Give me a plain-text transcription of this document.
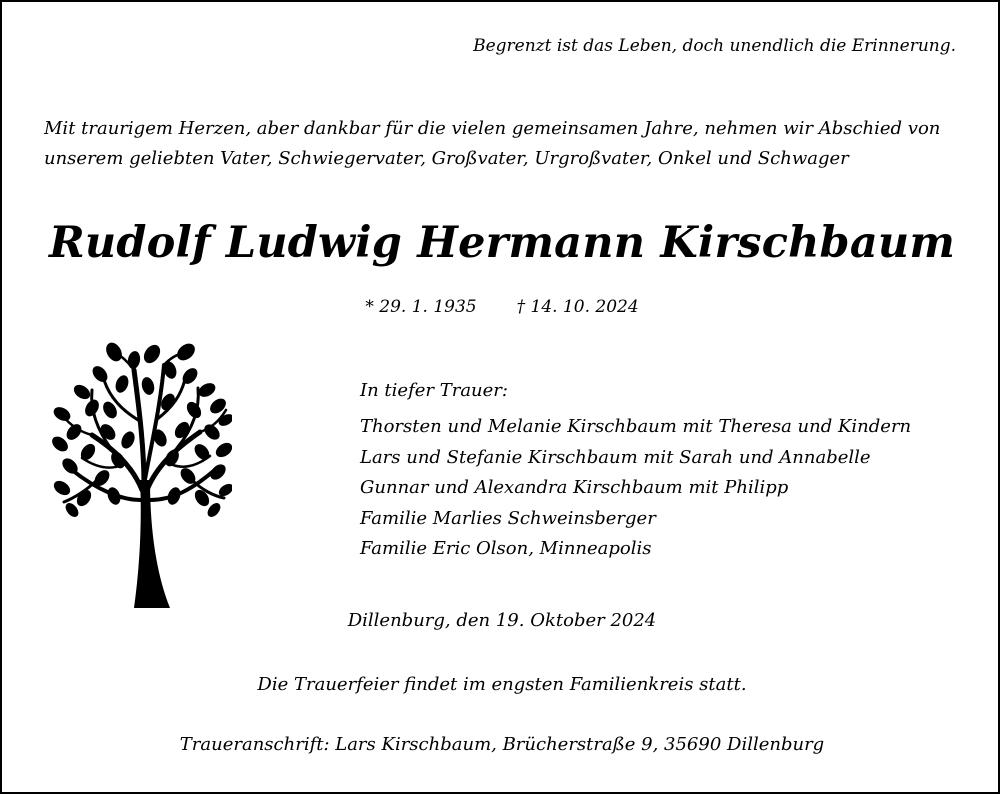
Begrenzt ist das Leben, doch unendlich die Erinnerung.
Mit traurigem Herzen, aber dankbar für die vielen gemeinsamen Jahre, nehmen wir Abschied von
unserem geliebten Vater, Schwiegervater, Großvater, Urgroßvater, Onkel und Schwager
Rudolf Ludwig Hermann Kirschbaum
* 29. 1. 1935 † 14. 10. 2024
In tiefer Trauer:
Thorsten und Melanie Kirschbaum mit Theresa und Kindern
Lars und Stefanie Kirschbaum mit Sarah und Annabelle
Gunnar und Alexandra Kirschbaum mit Philipp
Familie Marlies Schweinsberger
Familie Eric Olson, Minneapolis
Dillenburg, den 19. Oktober 2024
Die Trauerfeier findet im engsten Familienkreis statt.
Traueranschrift: Lars Kirschbaum, Brücherstraße 9, 35690 Dillenburg
